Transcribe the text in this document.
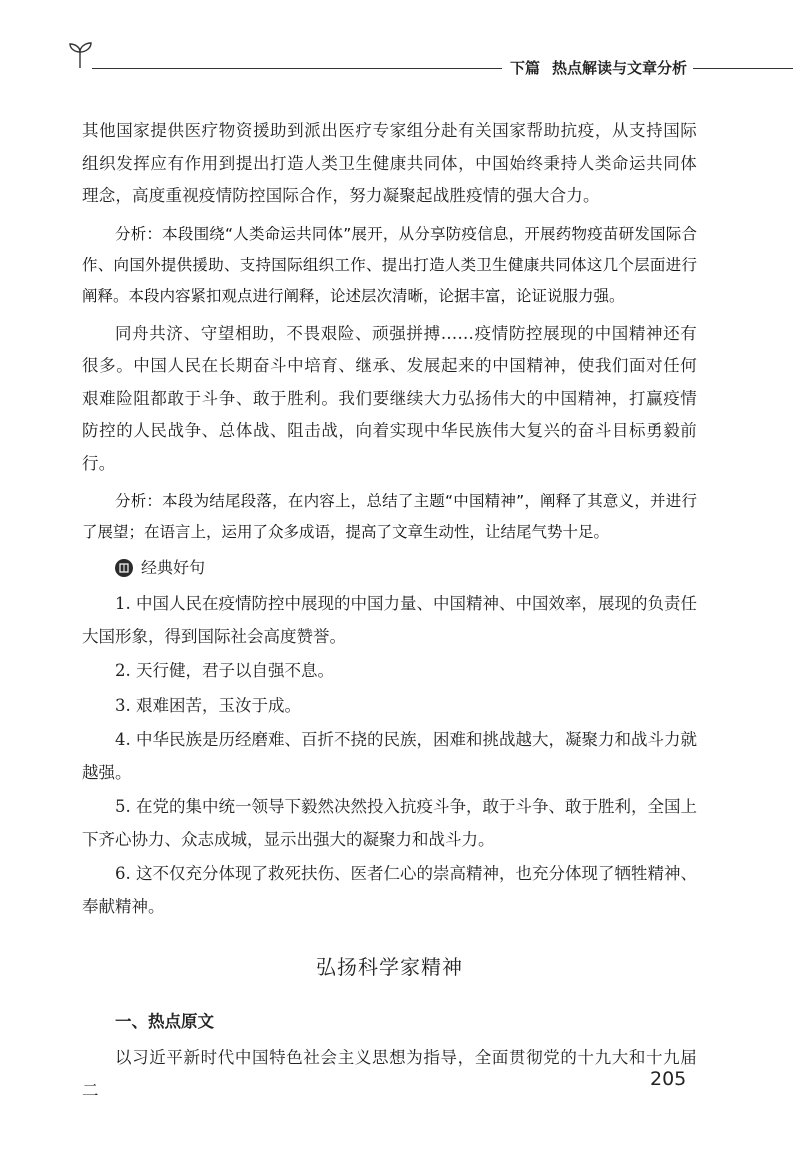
下篇 热点解读与文章分析

其他国家提供医疗物资援助到派出医疗专家组分赴有关国家帮助抗疫，从支持国际组织发挥应有作用到提出打造人类卫生健康共同体，中国始终秉持人类命运共同体理念，高度重视疫情防控国际合作，努力凝聚起战胜疫情的强大合力。

分析：本段围绕“人类命运共同体”展开，从分享防疫信息，开展药物疫苗研发国际合作、向国外提供援助、支持国际组织工作、提出打造人类卫生健康共同体这几个层面进行阐释。本段内容紧扣观点进行阐释，论述层次清晰，论据丰富，论证说服力强。

同舟共济、守望相助，不畏艰险、顽强拼搏……疫情防控展现的中国精神还有很多。中国人民在长期奋斗中培育、继承、发展起来的中国精神，使我们面对任何艰难险阻都敢于斗争、敢于胜利。我们要继续大力弘扬伟大的中国精神，打赢疫情防控的人民战争、总体战、阻击战，向着实现中华民族伟大复兴的奋斗目标勇毅前行。

分析：本段为结尾段落，在内容上，总结了主题“中国精神”，阐释了其意义，并进行了展望；在语言上，运用了众多成语，提高了文章生动性，让结尾气势十足。

经典好句

1. 中国人民在疫情防控中展现的中国力量、中国精神、中国效率，展现的负责任大国形象，得到国际社会高度赞誉。

2. 天行健，君子以自强不息。

3. 艰难困苦，玉汝于成。

4. 中华民族是历经磨难、百折不挠的民族，困难和挑战越大，凝聚力和战斗力就越强。

5. 在党的集中统一领导下毅然决然投入抗疫斗争，敢于斗争、敢于胜利，全国上下齐心协力、众志成城，显示出强大的凝聚力和战斗力。

6. 这不仅充分体现了救死扶伤、医者仁心的崇高精神，也充分体现了牺牲精神、奉献精神。

弘扬科学家精神
一、热点原文

以习近平新时代中国特色社会主义思想为指导，全面贯彻党的十九大和十九届二	205
